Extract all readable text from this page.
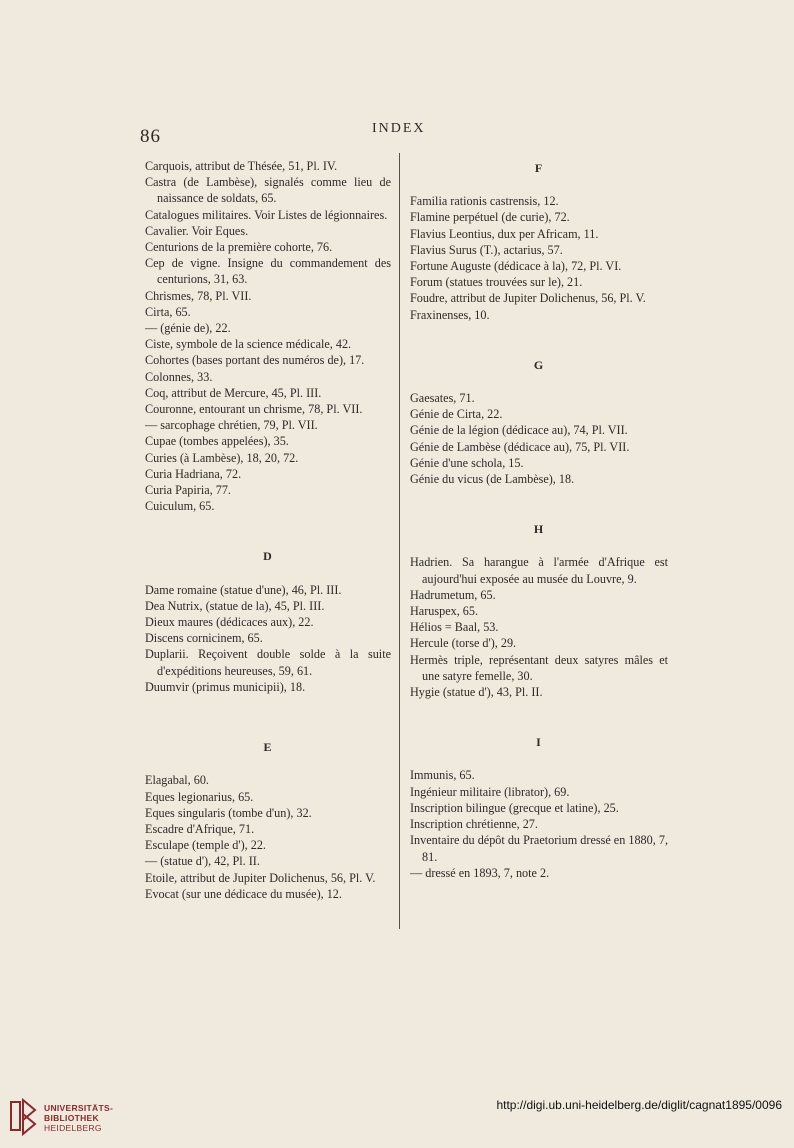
86	INDEX
Carquois, attribut de Thésée, 51, Pl. IV.
Castra (de Lambèse), signalés comme lieu de naissance de soldats, 65.
Catalogues militaires. Voir Listes de légionnaires.
Cavalier. Voir Eques.
Centurions de la première cohorte, 76.
Cep de vigne. Insigne du commandement des centurions, 31, 63.
Chrismes, 78, Pl. VII.
Cirta, 65.
— (génie de), 22.
Ciste, symbole de la science médicale, 42.
Cohortes (bases portant des numéros de), 17.
Colonnes, 33.
Coq, attribut de Mercure, 45, Pl. III.
Couronne, entourant un chrisme, 78, Pl. VII.
— sarcophage chrétien, 79, Pl. VII.
Cupae (tombes appelées), 35.
Curies (à Lambèse), 18, 20, 72.
Curia Hadriana, 72.
Curia Papiria, 77.
Cuiculum, 65.
D
Dame romaine (statue d'une), 46, Pl. III.
Dea Nutrix, (statue de la), 45, Pl. III.
Dieux maures (dédicaces aux), 22.
Discens cornicinem, 65.
Duplarii. Reçoivent double solde à la suite d'expéditions heureuses, 59, 61.
Duumvir (primus municipii), 18.
E
Elagabal, 60.
Eques legionarius, 65.
Eques singularis (tombe d'un), 32.
Escadre d'Afrique, 71.
Esculape (temple d'), 22.
— (statue d'), 42, Pl. II.
Etoile, attribut de Jupiter Dolichenus, 56, Pl. V.
Evocat (sur une dédicace du musée), 12.
F
Familia rationis castrensis, 12.
Flamine perpétuel (de curie), 72.
Flavius Leontius, dux per Africam, 11.
Flavius Surus (T.), actarius, 57.
Fortune Auguste (dédicace à la), 72, Pl. VI.
Forum (statues trouvées sur le), 21.
Foudre, attribut de Jupiter Dolichenus, 56, Pl. V.
Fraxinenses, 10.
G
Gaesates, 71.
Génie de Cirta, 22.
Génie de la légion (dédicace au), 74, Pl. VII.
Génie de Lambèse (dédicace au), 75, Pl. VII.
Génie d'une schola, 15.
Génie du vicus (de Lambèse), 18.
H
Hadrien. Sa harangue à l'armée d'Afrique est aujourd'hui exposée au musée du Louvre, 9.
Hadrumetum, 65.
Haruspex, 65.
Hélios = Baal, 53.
Hercule (torse d'), 29.
Hermès triple, représentant deux satyres mâles et une satyre femelle, 30.
Hygie (statue d'), 43, Pl. II.
I
Immunis, 65.
Ingénieur militaire (librator), 69.
Inscription bilingue (grecque et latine), 25.
Inscription chrétienne, 27.
Inventaire du dépôt du Praetorium dressé en 1880, 7, 81.
— dressé en 1893, 7, note 2.
UNIVERSITÄTS-
BIBLIOTHEK
HEIDELBERG
http://digi.ub.uni-heidelberg.de/diglit/cagnat1895/0096
